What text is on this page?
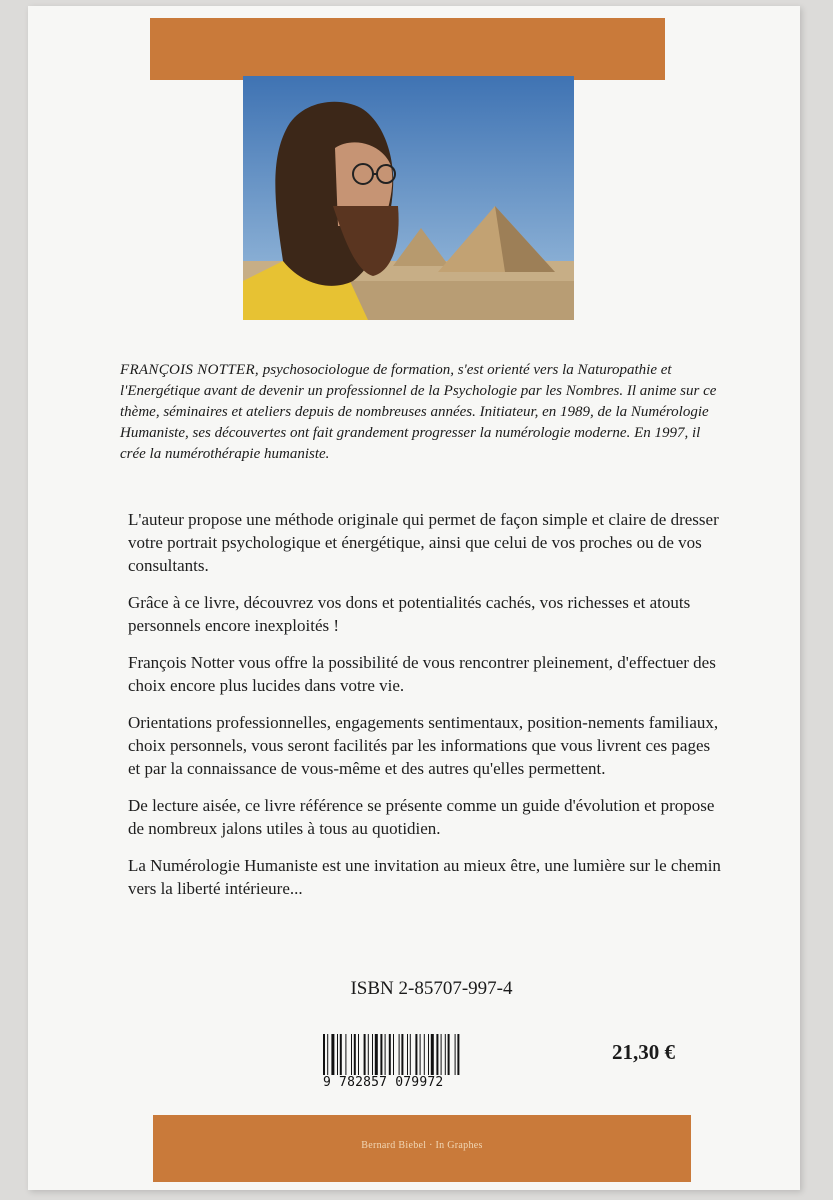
FRANÇOIS NOTTER, psychosociologue de formation, s'est orienté vers la Naturopathie et l'Energétique avant de devenir un professionnel de la Psychologie par les Nombres. Il anime sur ce thème, séminaires et ateliers depuis de nombreuses années. Initiateur, en 1989, de la Numérologie Humaniste, ses découvertes ont fait grandement progresser la numérologie moderne. En 1997, il crée la numérothérapie humaniste.

L'auteur propose une méthode originale qui permet de façon simple et claire de dresser votre portrait psychologique et énergétique, ainsi que celui de vos proches ou de vos consultants.

Grâce à ce livre, découvrez vos dons et potentialités cachés, vos richesses et atouts personnels encore inexploités !

François Notter vous offre la possibilité de vous rencontrer pleinement, d'effectuer des choix encore plus lucides dans votre vie.

Orientations professionnelles, engagements sentimentaux, position-nements familiaux, choix personnels, vous seront facilités par les informations que vous livrent ces pages et par la connaissance de vous-même et des autres qu'elles permettent.

De lecture aisée, ce livre référence se présente comme un guide d'évolution et propose de nombreux jalons utiles à tous au quotidien.

La Numérologie Humaniste est une invitation au mieux être, une lumière sur le chemin vers la liberté intérieure...

ISBN 2-85707-997-4
9 782857 079972
21,30 €
Bernard Biebel · In Graphes
